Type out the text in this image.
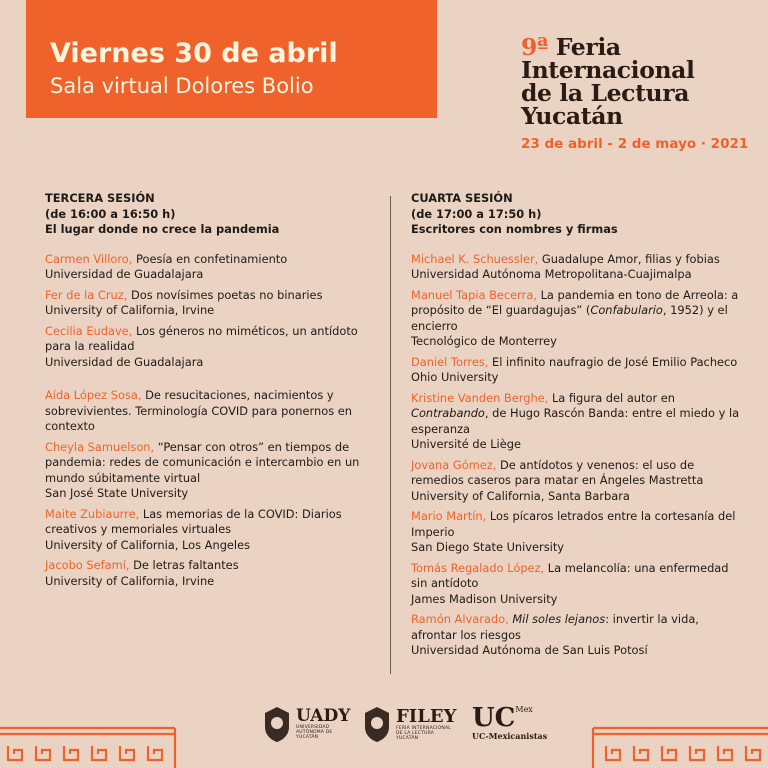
Viernes 30 de abril
Sala virtual Dolores Bolio
9ª Feria
Internacional
de la Lectura
Yucatán
23 de abril - 2 de mayo · 2021
TERCERA SESIÓN
(de 16:00 a 16:50 h)
El lugar donde no crece la pandemia
Carmen Villoro, Poesía en confetinamiento
Universidad de Guadalajara
Fer de la Cruz, Dos novísimes poetas no binaries
University of California, Irvine
Cecilia Eudave, Los géneros no miméticos, un antídoto para la realidad
Universidad de Guadalajara
Aída López Sosa, De resucitaciones, nacimientos y sobrevivientes. Terminología COVID para ponernos en contexto
Cheyla Samuelson, “Pensar con otros” en tiempos de pandemia: redes de comunicación e intercambio en un mundo súbitamente virtual
San José State University
Maite Zubiaurre, Las memorias de la COVID: Diarios creativos y memoriales virtuales
University of California, Los Angeles
Jacobo Sefamí, De letras faltantes
University of California, Irvine
CUARTA SESIÓN
(de 17:00 a 17:50 h)
Escritores con nombres y firmas
Michael K. Schuessler, Guadalupe Amor, filias y fobias
Universidad Autónoma Metropolitana-Cuajimalpa
Manuel Tapia Becerra, La pandemia en tono de Arreola: a propósito de “El guardagujas” (Confabulario, 1952) y el encierro
Tecnológico de Monterrey
Daniel Torres, El infinito naufragio de José Emilio Pacheco
Ohio University
Kristine Vanden Berghe, La figura del autor en Contrabando, de Hugo Rascón Banda: entre el miedo y la esperanza
Université de Liège
Jovana Gómez, De antídotos y venenos: el uso de remedios caseros para matar en Ángeles Mastretta
University of California, Santa Barbara
Mario Martín, Los pícaros letrados entre la cortesanía del Imperio
San Diego State University
Tomás Regalado López, La melancolía: una enfermedad sin antídoto
James Madison University
Ramón Alvarado, Mil soles lejanos: invertir la vida, afrontar los riesgos
Universidad Autónoma de San Luis Potosí
UADY
UNIVERSIDAD AUTÓNOMA DE YUCATÁN
FILEY
FERIA INTERNACIONAL DE LA LECTURA YUCATÁN
UC Mex
UC-Mexicanistas
